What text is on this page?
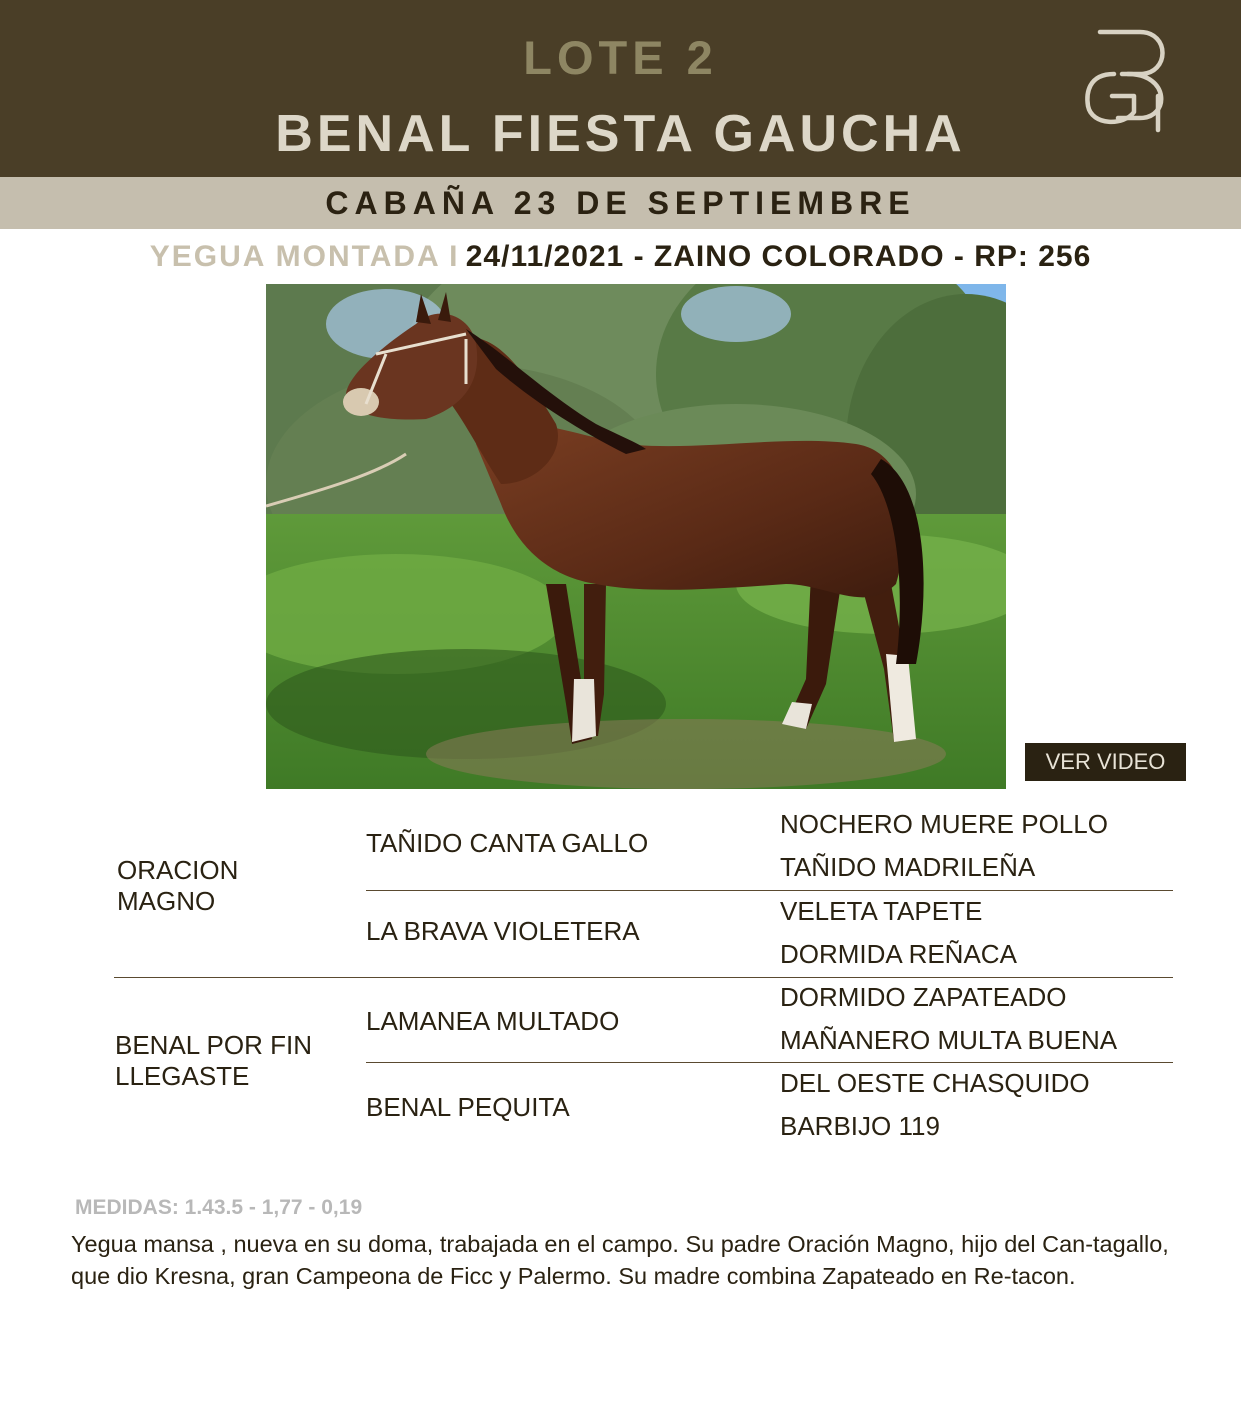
LOTE 2
BENAL FIESTA GAUCHA
CABAÑA 23 DE SEPTIEMBRE
YEGUA MONTADA I 24/11/2021 - ZAINO COLORADO - RP: 256
VER VIDEO
ORACION
MAGNO
BENAL POR FIN
LLEGASTE
TAÑIDO CANTA GALLO
LA BRAVA VIOLETERA
LAMANEA MULTADO
BENAL PEQUITA
NOCHERO MUERE POLLO
TAÑIDO MADRILEÑA
VELETA TAPETE
DORMIDA REÑACA
DORMIDO ZAPATEADO
MAÑANERO MULTA BUENA
DEL OESTE CHASQUIDO
BARBIJO 119
MEDIDAS: 1.43.5 - 1,77 - 0,19
Yegua mansa , nueva en su doma, trabajada en el campo. Su padre Oración Magno, hijo del Can-tagallo, que dio Kresna, gran Campeona de Ficc y Palermo. Su madre combina Zapateado en Re-tacon.
